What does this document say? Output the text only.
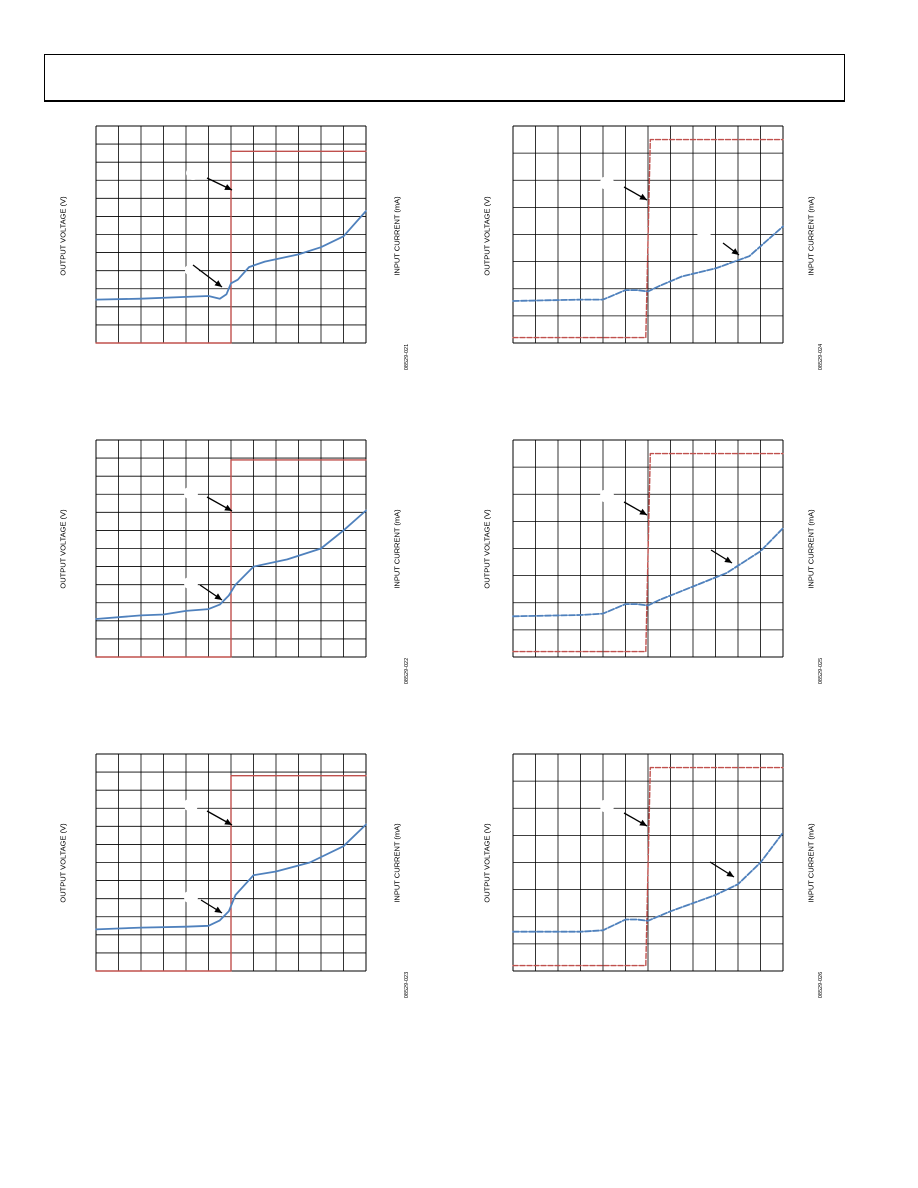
OUTPUT VOLTAGE (V)	INPUT CURRENT (mA)
08529-021
OUTPUT VOLTAGE (V)	INPUT CURRENT (mA)
08529-024
OUTPUT VOLTAGE (V)	INPUT CURRENT (mA)
08529-022
OUTPUT VOLTAGE (V)	INPUT CURRENT (mA)
08529-025
OUTPUT VOLTAGE (V)	INPUT CURRENT (mA)
08529-023
OUTPUT VOLTAGE (V)	INPUT CURRENT (mA)
08529-026
